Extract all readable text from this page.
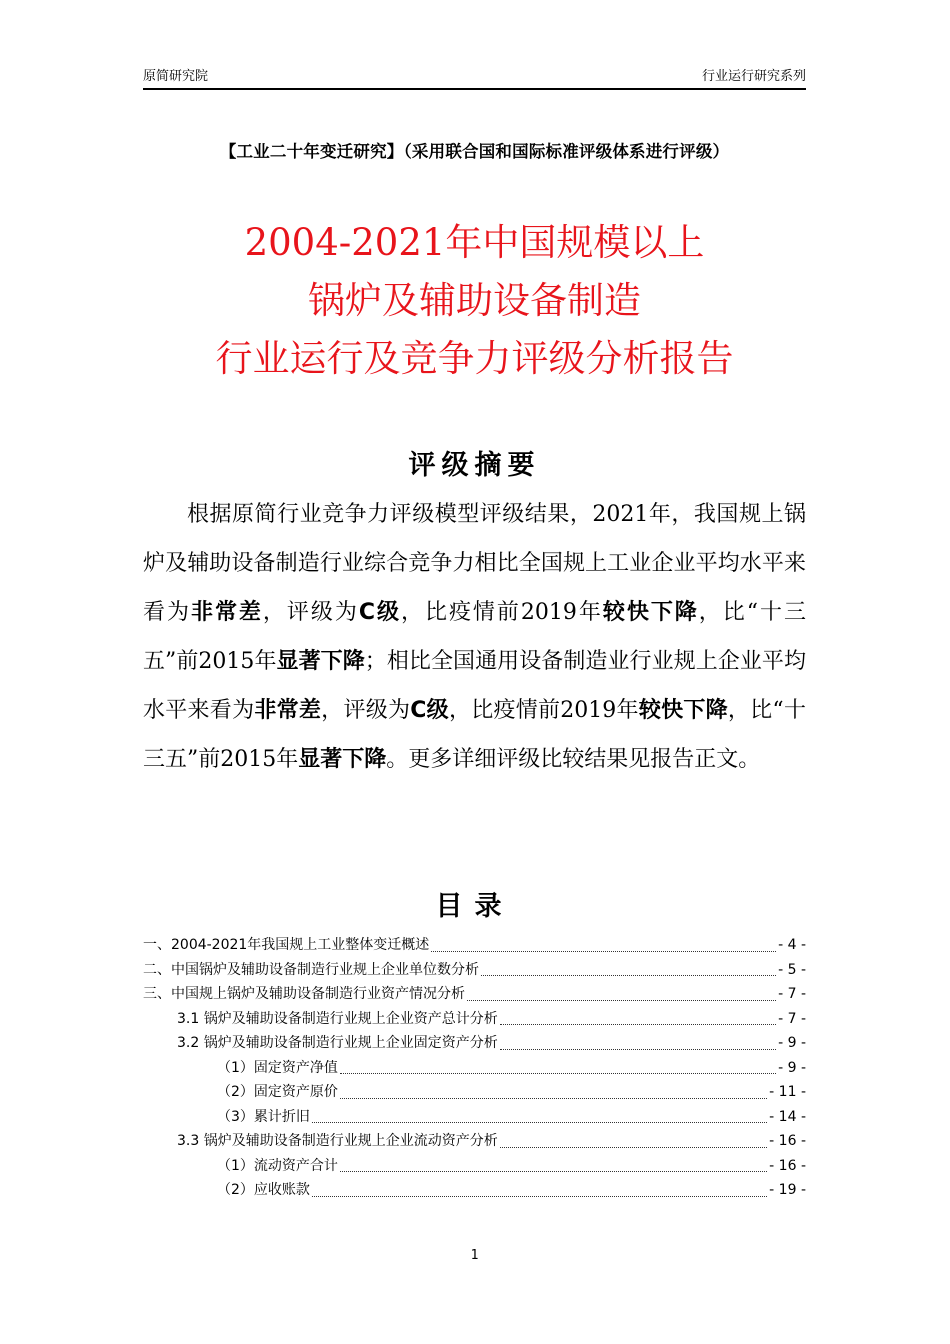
原简研究院	行业运行研究系列
【工业二十年变迁研究】（采用联合国和国际标准评级体系进行评级）
2004-2021年中国规模以上
锅炉及辅助设备制造
行业运行及竞争力评级分析报告
评级摘要

根据原简行业竞争力评级模型评级结果，2021年，我国规上锅炉及辅助设备制造行业综合竞争力相比全国规上工业企业平均水平来看为非常差，评级为C级，比疫情前2019年较快下降，比“十三五”前2015年显著下降；相比全国通用设备制造业行业规上企业平均水平来看为非常差，评级为C级，比疫情前2019年较快下降，比“十三五”前2015年显著下降。更多详细评级比较结果见报告正文。

目录
一、2004-2021年我国规上工业整体变迁概述	- 4 -
二、中国锅炉及辅助设备制造行业规上企业单位数分析	- 5 -
三、中国规上锅炉及辅助设备制造行业资产情况分析	- 7 -
3.1 锅炉及辅助设备制造行业规上企业资产总计分析	- 7 -
3.2 锅炉及辅助设备制造行业规上企业固定资产分析	- 9 -
（1）固定资产净值	- 9 -
（2）固定资产原价	- 11 -
（3）累计折旧	- 14 -
3.3 锅炉及辅助设备制造行业规上企业流动资产分析	- 16 -
（1）流动资产合计	- 16 -
（2）应收账款	- 19 -
1
